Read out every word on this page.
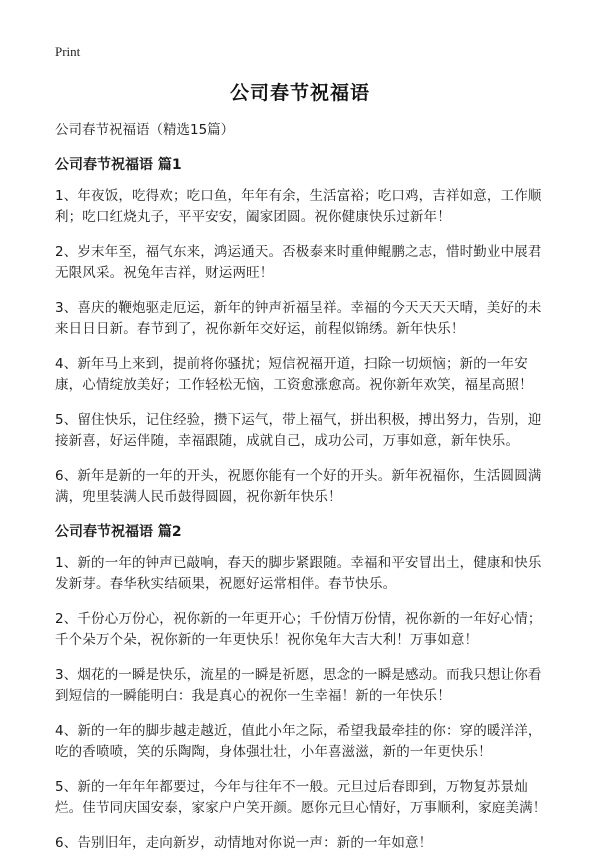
Print
公司春节祝福语
公司春节祝福语（精选15篇）
公司春节祝福语 篇1

1、年夜饭，吃得欢；吃口鱼，年年有余，生活富裕；吃口鸡，吉祥如意，工作顺利；吃口红烧丸子，平平安安，阖家团圆。祝你健康快乐过新年！

2、岁末年至，福气东来，鸿运通天。否极泰来时重伸鲲鹏之志，惜时勤业中展君无限风采。祝兔年吉祥，财运两旺！

3、喜庆的鞭炮驱走厄运，新年的钟声祈福呈祥。幸福的今天天天天晴，美好的未来日日日新。春节到了，祝你新年交好运，前程似锦绣。新年快乐！

4、新年马上来到，提前将你骚扰；短信祝福开道，扫除一切烦恼；新的一年安康，心情绽放美好；工作轻松无恼，工资愈涨愈高。祝你新年欢笑，福星高照！

5、留住快乐，记住经验，攒下运气，带上福气，拼出积极，搏出努力，告别，迎接新喜，好运伴随，幸福跟随，成就自己，成功公司，万事如意，新年快乐。

6、新年是新的一年的开头，祝愿你能有一个好的开头。新年祝福你，生活圆圆满满，兜里装满人民币鼓得圆圆，祝你新年快乐！

公司春节祝福语 篇2

1、新的一年的钟声已敲响，春天的脚步紧跟随。幸福和平安冒出土，健康和快乐发新芽。春华秋实结硕果，祝愿好运常相伴。春节快乐。

2、千份心万份心，祝你新的一年更开心；千份情万份情，祝你新的一年好心情；千个朵万个朵，祝你新的一年更快乐！祝你兔年大吉大利！万事如意！

3、烟花的一瞬是快乐，流星的一瞬是祈愿，思念的一瞬是感动。而我只想让你看到短信的一瞬能明白：我是真心的祝你一生幸福！新的一年快乐！

4、新的一年的脚步越走越近，值此小年之际，希望我最牵挂的你：穿的暖洋洋，吃的香喷喷，笑的乐陶陶，身体强壮壮，小年喜滋滋，新的一年更快乐！

5、新的一年年年都要过，今年与往年不一般。元旦过后春即到，万物复苏景灿烂。佳节同庆国安泰，家家户户笑开颜。愿你元旦心情好，万事顺利，家庭美满！

6、告别旧年，走向新岁，动情地对你说一声：新的一年如意！
